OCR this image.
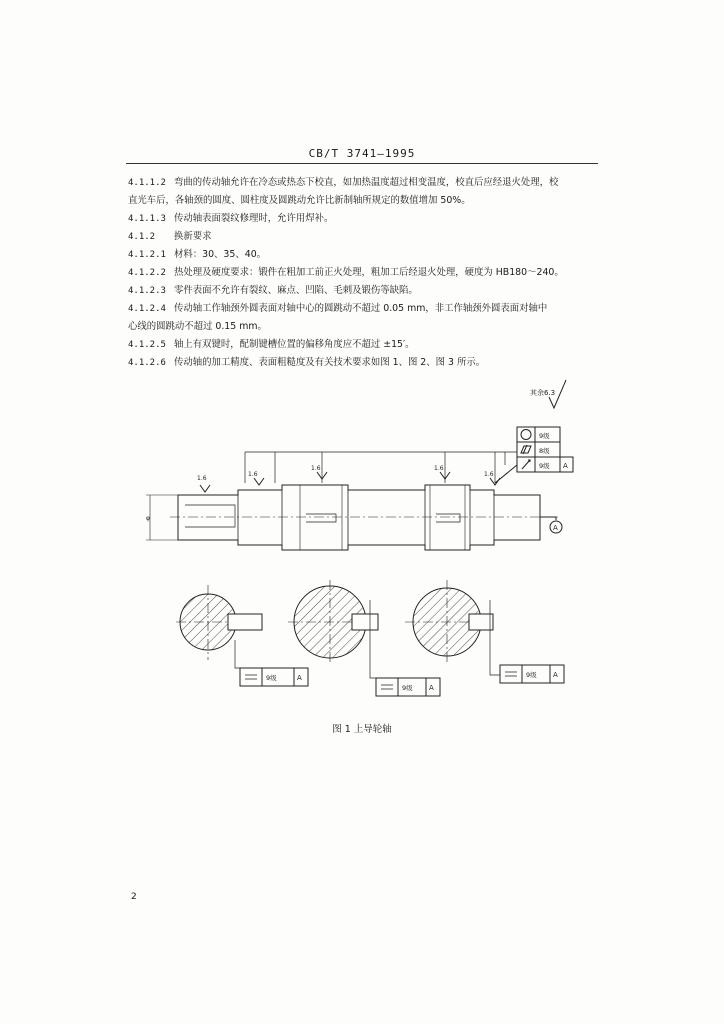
CB/T 3741—1995
4.1.1.2 弯曲的传动轴允许在冷态或热态下校直，如加热温度超过相变温度，校直后应经退火处理，校
直光车后，各轴颈的圆度、圆柱度及圆跳动允许比新制轴所规定的数值增加 50%。
4.1.1.3 传动轴表面裂纹修理时，允许用焊补。
4.1.2 换新要求
4.1.2.1 材料：30、35、40。
4.1.2.2 热处理及硬度要求：锻件在粗加工前正火处理，粗加工后经退火处理，硬度为 HB180～240。
4.1.2.3 零件表面不允许有裂纹、麻点、凹陷、毛刺及锻伤等缺陷。
4.1.2.4 传动轴工作轴颈外圆表面对轴中心的圆跳动不超过 0.05 mm，非工作轴颈外圆表面对轴中
心线的圆跳动不超过 0.15 mm。
4.1.2.5 轴上有双键时，配制键槽位置的偏移角度应不超过 ±15′。
4.1.2.6 传动轴的加工精度、表面粗糙度及有关技术要求如图 1、图 2、图 3 所示。
其余6.3
9级
8级
9级 A
1.6
1.6
1.6	1.6
1.6
φ
A
9级	A
9级 A
9级 A
图 1 上导轮轴
2
